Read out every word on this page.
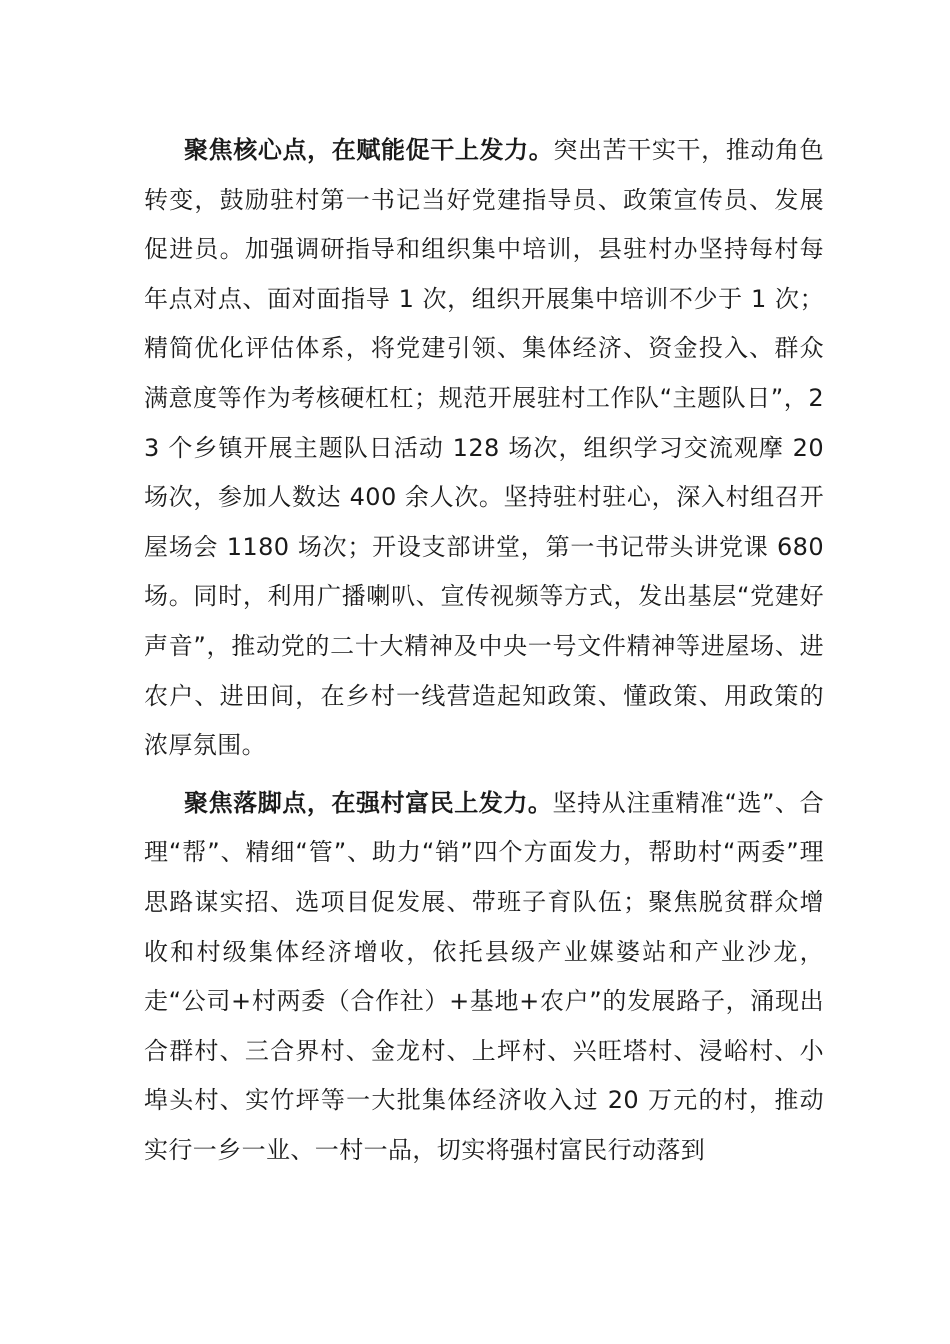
聚焦核心点，在赋能促干上发力。突出苦干实干，推动角色转变，鼓励驻村第一书记当好党建指导员、政策宣传员、发展促进员。加强调研指导和组织集中培训，县驻村办坚持每村每年点对点、面对面指导 1 次，组织开展集中培训不少于 1 次；精简优化评估体系，将党建引领、集体经济、资金投入、群众满意度等作为考核硬杠杠；规范开展驻村工作队“主题队日”，23 个乡镇开展主题队日活动 128 场次，组织学习交流观摩 20 场次，参加人数达 400 余人次。坚持驻村驻心，深入村组召开屋场会 1180 场次；开设支部讲堂，第一书记带头讲党课 680 场。同时，利用广播喇叭、宣传视频等方式，发出基层“党建好声音”，推动党的二十大精神及中央一号文件精神等进屋场、进农户、进田间，在乡村一线营造起知政策、懂政策、用政策的浓厚氛围。

聚焦落脚点，在强村富民上发力。坚持从注重精准“选”、合理“帮”、精细“管”、助力“销”四个方面发力，帮助村“两委”理思路谋实招、选项目促发展、带班子育队伍；聚焦脱贫群众增收和村级集体经济增收，依托县级产业媒婆站和产业沙龙，走“公司+村两委（合作社）+基地+农户”的发展路子，涌现出合群村、三合界村、金龙村、上坪村、兴旺塔村、浸峪村、小埠头村、实竹坪等一大批集体经济收入过 20 万元的村，推动实行一乡一业、一村一品，切实将强村富民行动落到
